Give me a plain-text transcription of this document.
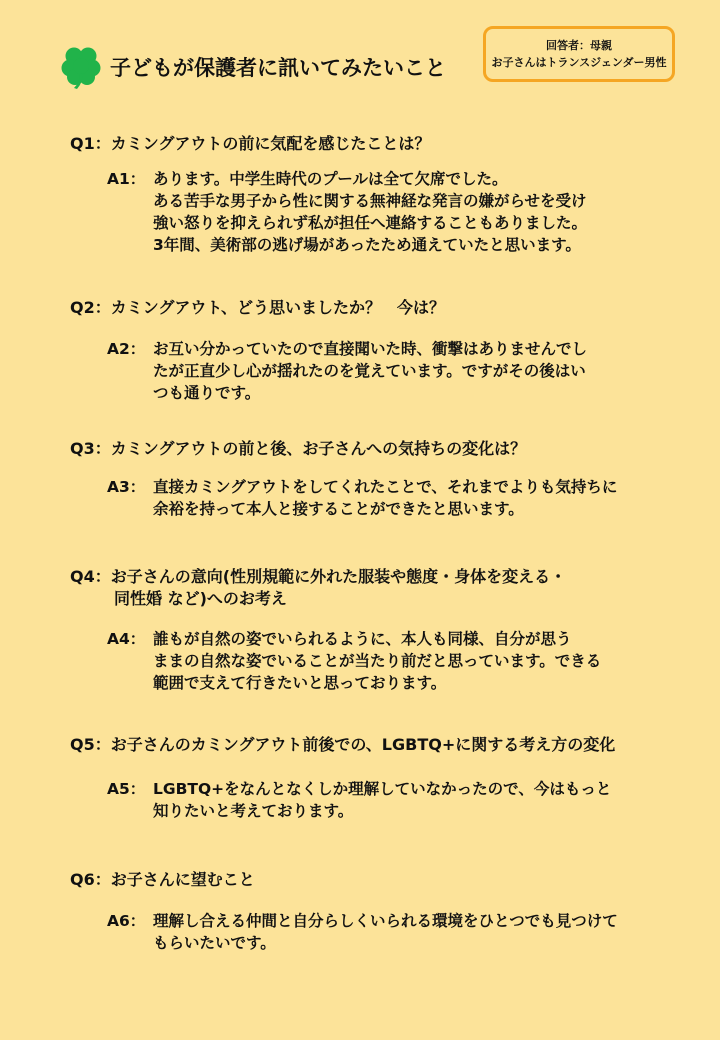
子どもが保護者に訊いてみたいこと
回答者：母親
お子さんはトランスジェンダー男性
Q1：カミングアウトの前に気配を感じたことは？
A1： あります。中学生時代のプールは全て欠席でした。
ある苦手な男子から性に関する無神経な発言の嫌がらせを受け
強い怒りを抑えられず私が担任へ連絡することもありました。
3年間、美術部の逃げ場があったため通えていたと思います。
Q2：カミングアウト、どう思いましたか？　今は？
A2： お互い分かっていたので直接聞いた時、衝撃はありませんでし
たが正直少し心が揺れたのを覚えています。ですがその後はい
つも通りです。
Q3：カミングアウトの前と後、お子さんへの気持ちの変化は？
A3： 直接カミングアウトをしてくれたことで、それまでよりも気持ちに
余裕を持って本人と接することができたと思います。
Q4：お子さんの意向(性別規範に外れた服装や態度・身体を変える・
同性婚 など)へのお考え
A4： 誰もが自然の姿でいられるように、本人も同様、自分が思う
ままの自然な姿でいることが当たり前だと思っています。できる
範囲で支えて行きたいと思っております。
Q5：お子さんのカミングアウト前後での、LGBTQ+に関する考え方の変化
A5： LGBTQ+をなんとなくしか理解していなかったので、今はもっと
知りたいと考えております。
Q6：お子さんに望むこと
A6： 理解し合える仲間と自分らしくいられる環境をひとつでも見つけて
もらいたいです。
